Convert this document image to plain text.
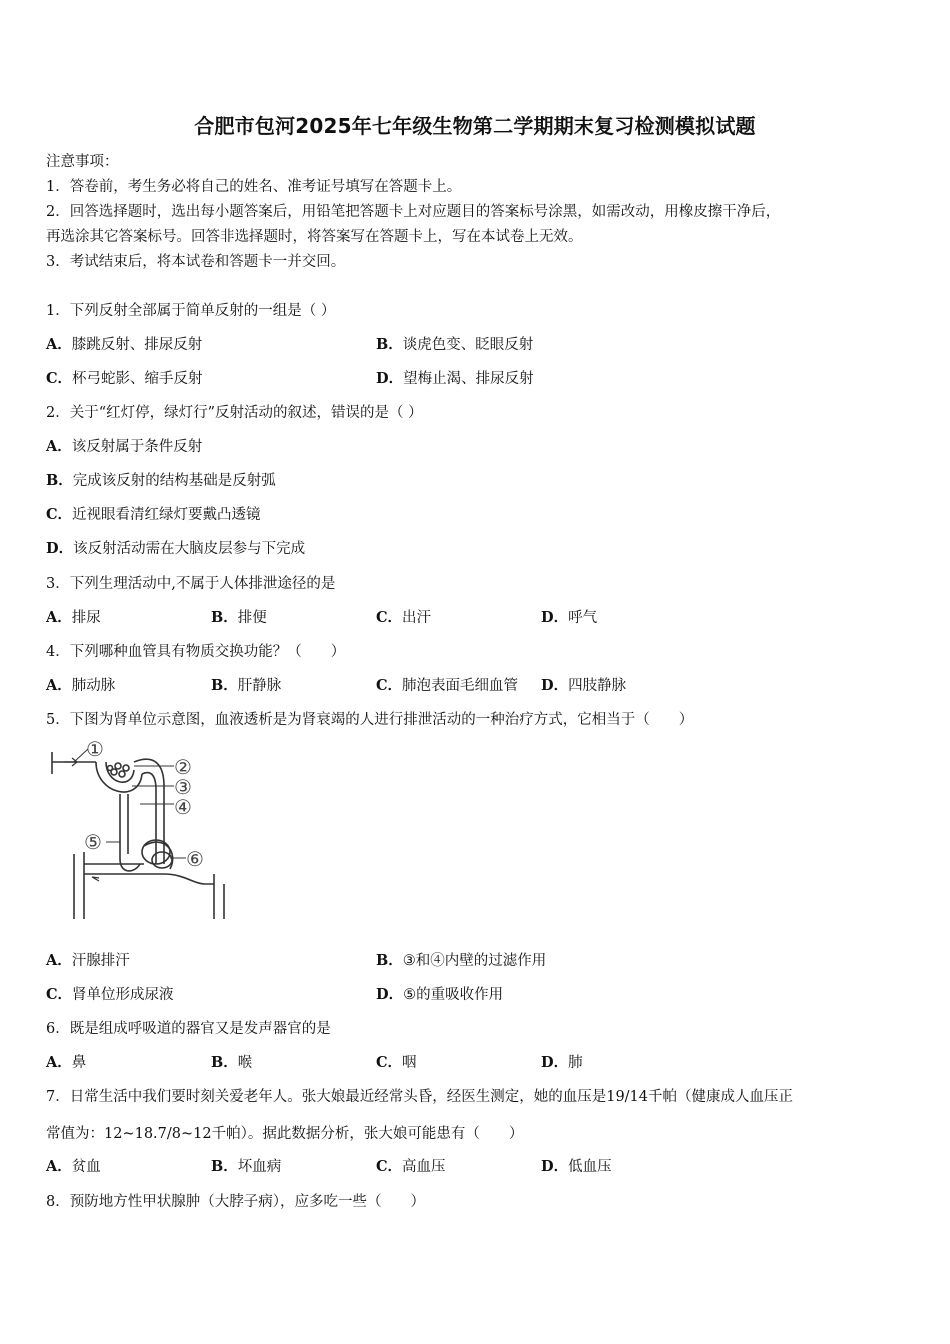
合肥市包河2025年七年级生物第二学期期末复习检测模拟试题
注意事项：
1．答卷前，考生务必将自己的姓名、准考证号填写在答题卡上。
2．回答选择题时，选出每小题答案后，用铅笔把答题卡上对应题目的答案标号涂黑，如需改动，用橡皮擦干净后，
再选涂其它答案标号。回答非选择题时，将答案写在答题卡上，写在本试卷上无效。
3．考试结束后，将本试卷和答题卡一并交回。
1．下列反射全部属于简单反射的一组是（ ）
A．膝跳反射、排尿反射	B．谈虎色变、眨眼反射
C．杯弓蛇影、缩手反射	D．望梅止渴、排尿反射
2．关于“红灯停，绿灯行”反射活动的叙述，错误的是（ ）
A．该反射属于条件反射
B．完成该反射的结构基础是反射弧
C．近视眼看清红绿灯要戴凸透镜
D．该反射活动需在大脑皮层参与下完成
3．下列生理活动中,不属于人体排泄途径的是
A．排尿	B．排便	C．出汗	D．呼气
4．下列哪种血管具有物质交换功能？（　　）
A．肺动脉	B．肝静脉	C．肺泡表面毛细血管 D．四肢静脉
5．下图为肾单位示意图，血液透析是为肾衰竭的人进行排泄活动的一种治疗方式，它相当于（　　）
①
②
③
④
⑤
⑥
A．汗腺排汗	B．③和④内壁的过滤作用
C．肾单位形成尿液	D．⑤的重吸收作用
6．既是组成呼吸道的器官又是发声器官的是
A．鼻	B．喉	C．咽	D．肺
7．日常生活中我们要时刻关爱老年人。张大娘最近经常头昏，经医生测定，她的血压是19/14千帕（健康成人血压正
常值为：12~18.7/8~12千帕）。据此数据分析，张大娘可能患有（　　）
A．贫血	B．坏血病	C．高血压	D．低血压
8．预防地方性甲状腺肿（大脖子病），应多吃一些（　　）
